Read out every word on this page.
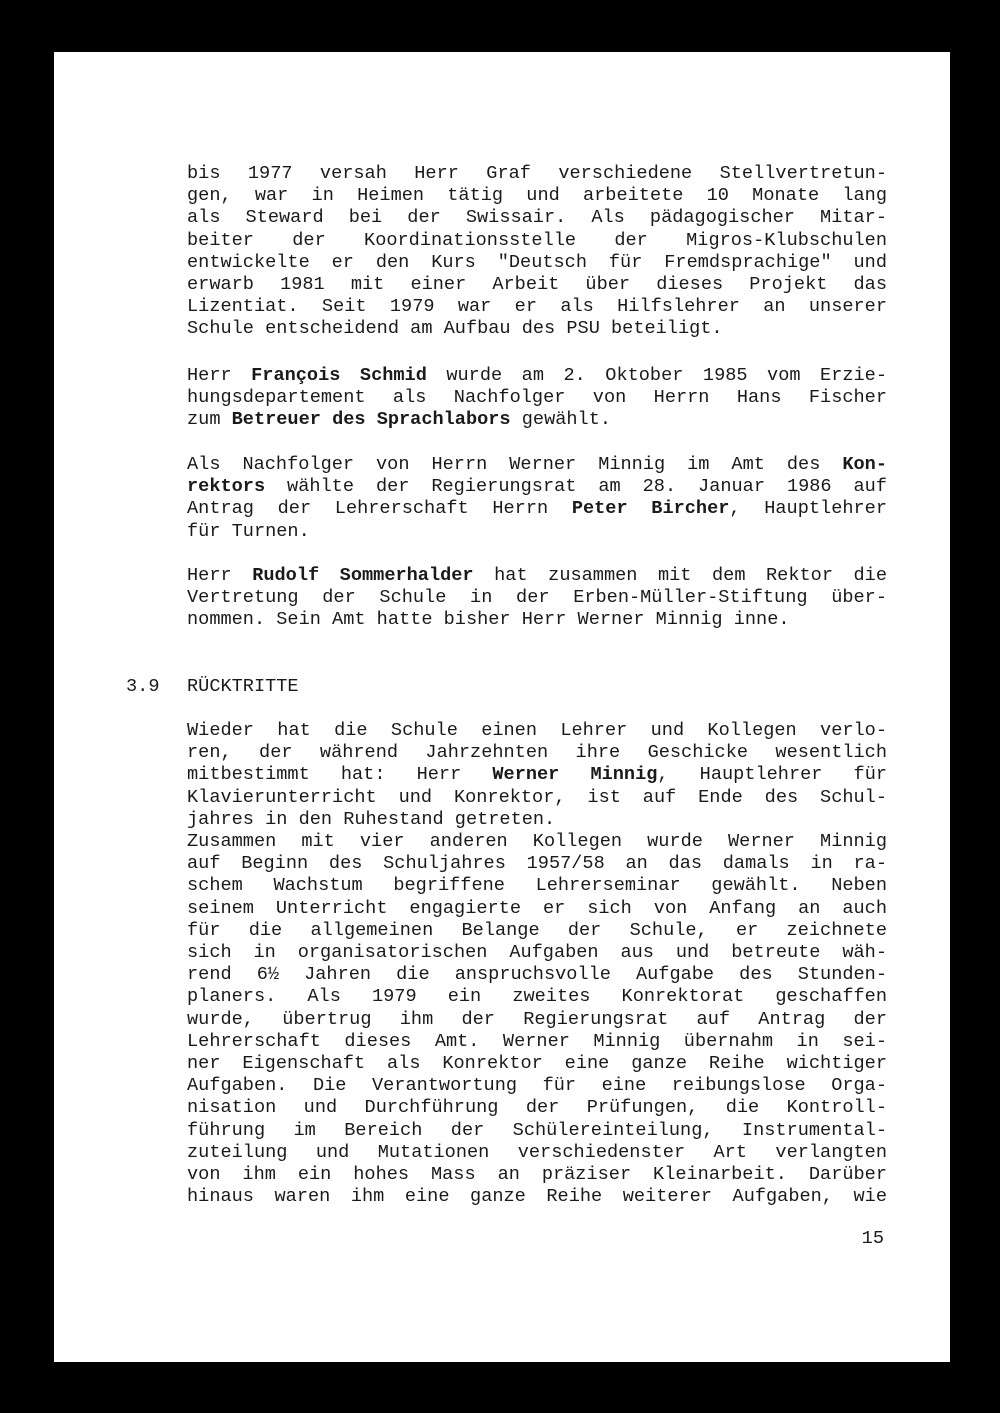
bis 1977 versah Herr Graf verschiedene Stellvertretun-
gen, war in Heimen tätig und arbeitete 10 Monate lang
als Steward bei der Swissair. Als pädagogischer Mitar-
beiter der Koordinationsstelle der Migros-Klubschulen
entwickelte er den Kurs "Deutsch für Fremdsprachige" und
erwarb 1981 mit einer Arbeit über dieses Projekt das
Lizentiat. Seit 1979 war er als Hilfslehrer an unserer
Schule entscheidend am Aufbau des PSU beteiligt.
Herr François Schmid wurde am 2. Oktober 1985 vom Erzie-
hungsdepartement als Nachfolger von Herrn Hans Fischer
zum Betreuer des Sprachlabors gewählt.
Als Nachfolger von Herrn Werner Minnig im Amt des Kon-
rektors wählte der Regierungsrat am 28. Januar 1986 auf
Antrag der Lehrerschaft Herrn Peter Bircher, Hauptlehrer
für Turnen.
Herr Rudolf Sommerhalder hat zusammen mit dem Rektor die
Vertretung der Schule in der Erben-Müller-Stiftung über-
nommen. Sein Amt hatte bisher Herr Werner Minnig inne.
3.9 RÜCKTRITTE
Wieder hat die Schule einen Lehrer und Kollegen verlo-
ren, der während Jahrzehnten ihre Geschicke wesentlich
mitbestimmt hat: Herr Werner Minnig, Hauptlehrer für
Klavierunterricht und Konrektor, ist auf Ende des Schul-
jahres in den Ruhestand getreten.
Zusammen mit vier anderen Kollegen wurde Werner Minnig
auf Beginn des Schuljahres 1957/58 an das damals in ra-
schem Wachstum begriffene Lehrerseminar gewählt. Neben
seinem Unterricht engagierte er sich von Anfang an auch
für die allgemeinen Belange der Schule, er zeichnete
sich in organisatorischen Aufgaben aus und betreute wäh-
rend 6½ Jahren die anspruchsvolle Aufgabe des Stunden-
planers. Als 1979 ein zweites Konrektorat geschaffen
wurde, übertrug ihm der Regierungsrat auf Antrag der
Lehrerschaft dieses Amt. Werner Minnig übernahm in sei-
ner Eigenschaft als Konrektor eine ganze Reihe wichtiger
Aufgaben. Die Verantwortung für eine reibungslose Orga-
nisation und Durchführung der Prüfungen, die Kontroll-
führung im Bereich der Schülereinteilung, Instrumental-
zuteilung und Mutationen verschiedenster Art verlangten
von ihm ein hohes Mass an präziser Kleinarbeit. Darüber
hinaus waren ihm eine ganze Reihe weiterer Aufgaben, wie
15
